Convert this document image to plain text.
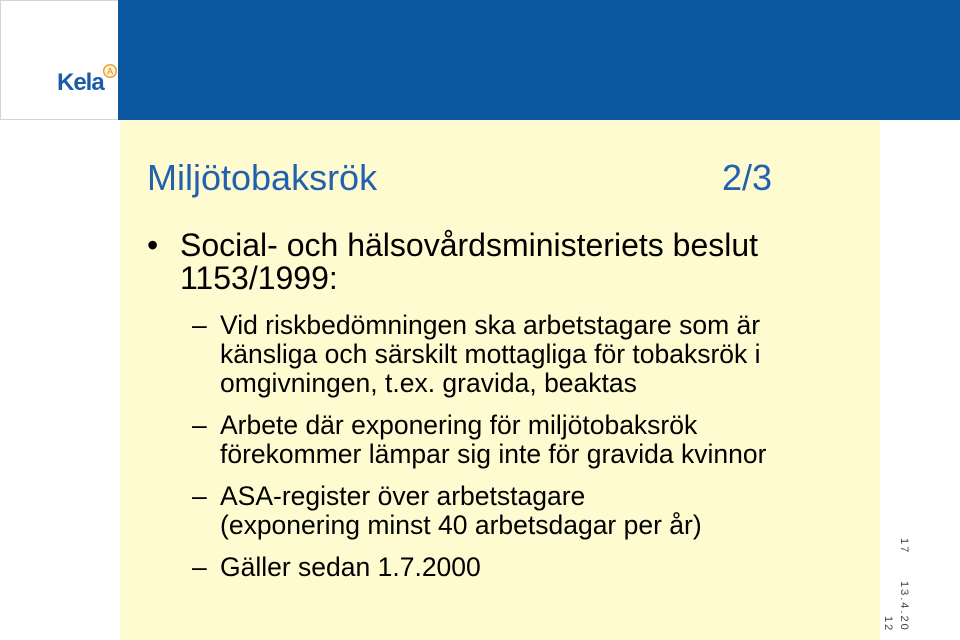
Kela
Miljötobaksrök	2/3
• Social- och hälsovårdsministeriets beslut 1153/1999:
– Vid riskbedömningen ska arbetstagare som är
känsliga och särskilt mottagliga för tobaksrök i
omgivningen, t.ex. gravida, beaktas
– Arbete där exponering för miljötobaksrök
förekommer lämpar sig inte för gravida kvinnor
– ASA-register över arbetstagare
(exponering minst 40 arbetsdagar per år)
– Gäller sedan 1.7.2000
17
13.4.2012
